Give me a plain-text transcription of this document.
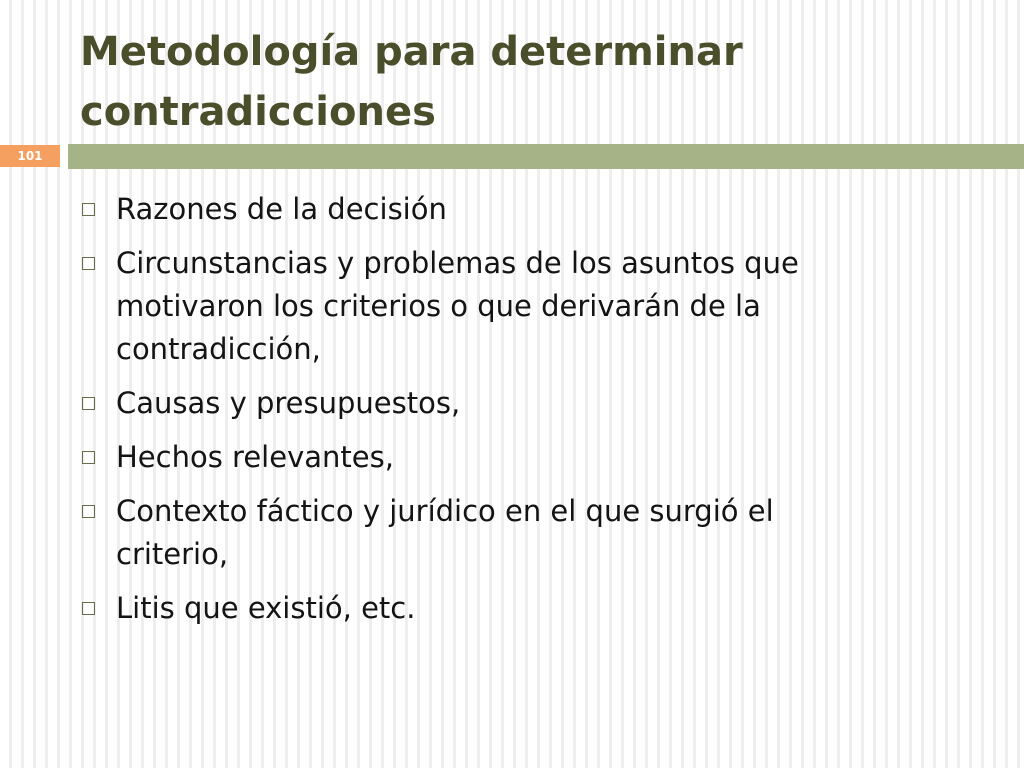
Metodología para determinar contradicciones
101
Razones de la decisión
Circunstancias y problemas de los asuntos que motivaron los criterios o que derivarán de la contradicción,
Causas y presupuestos,
Hechos relevantes,
Contexto fáctico y jurídico en el que surgió el criterio,
Litis que existió, etc.
